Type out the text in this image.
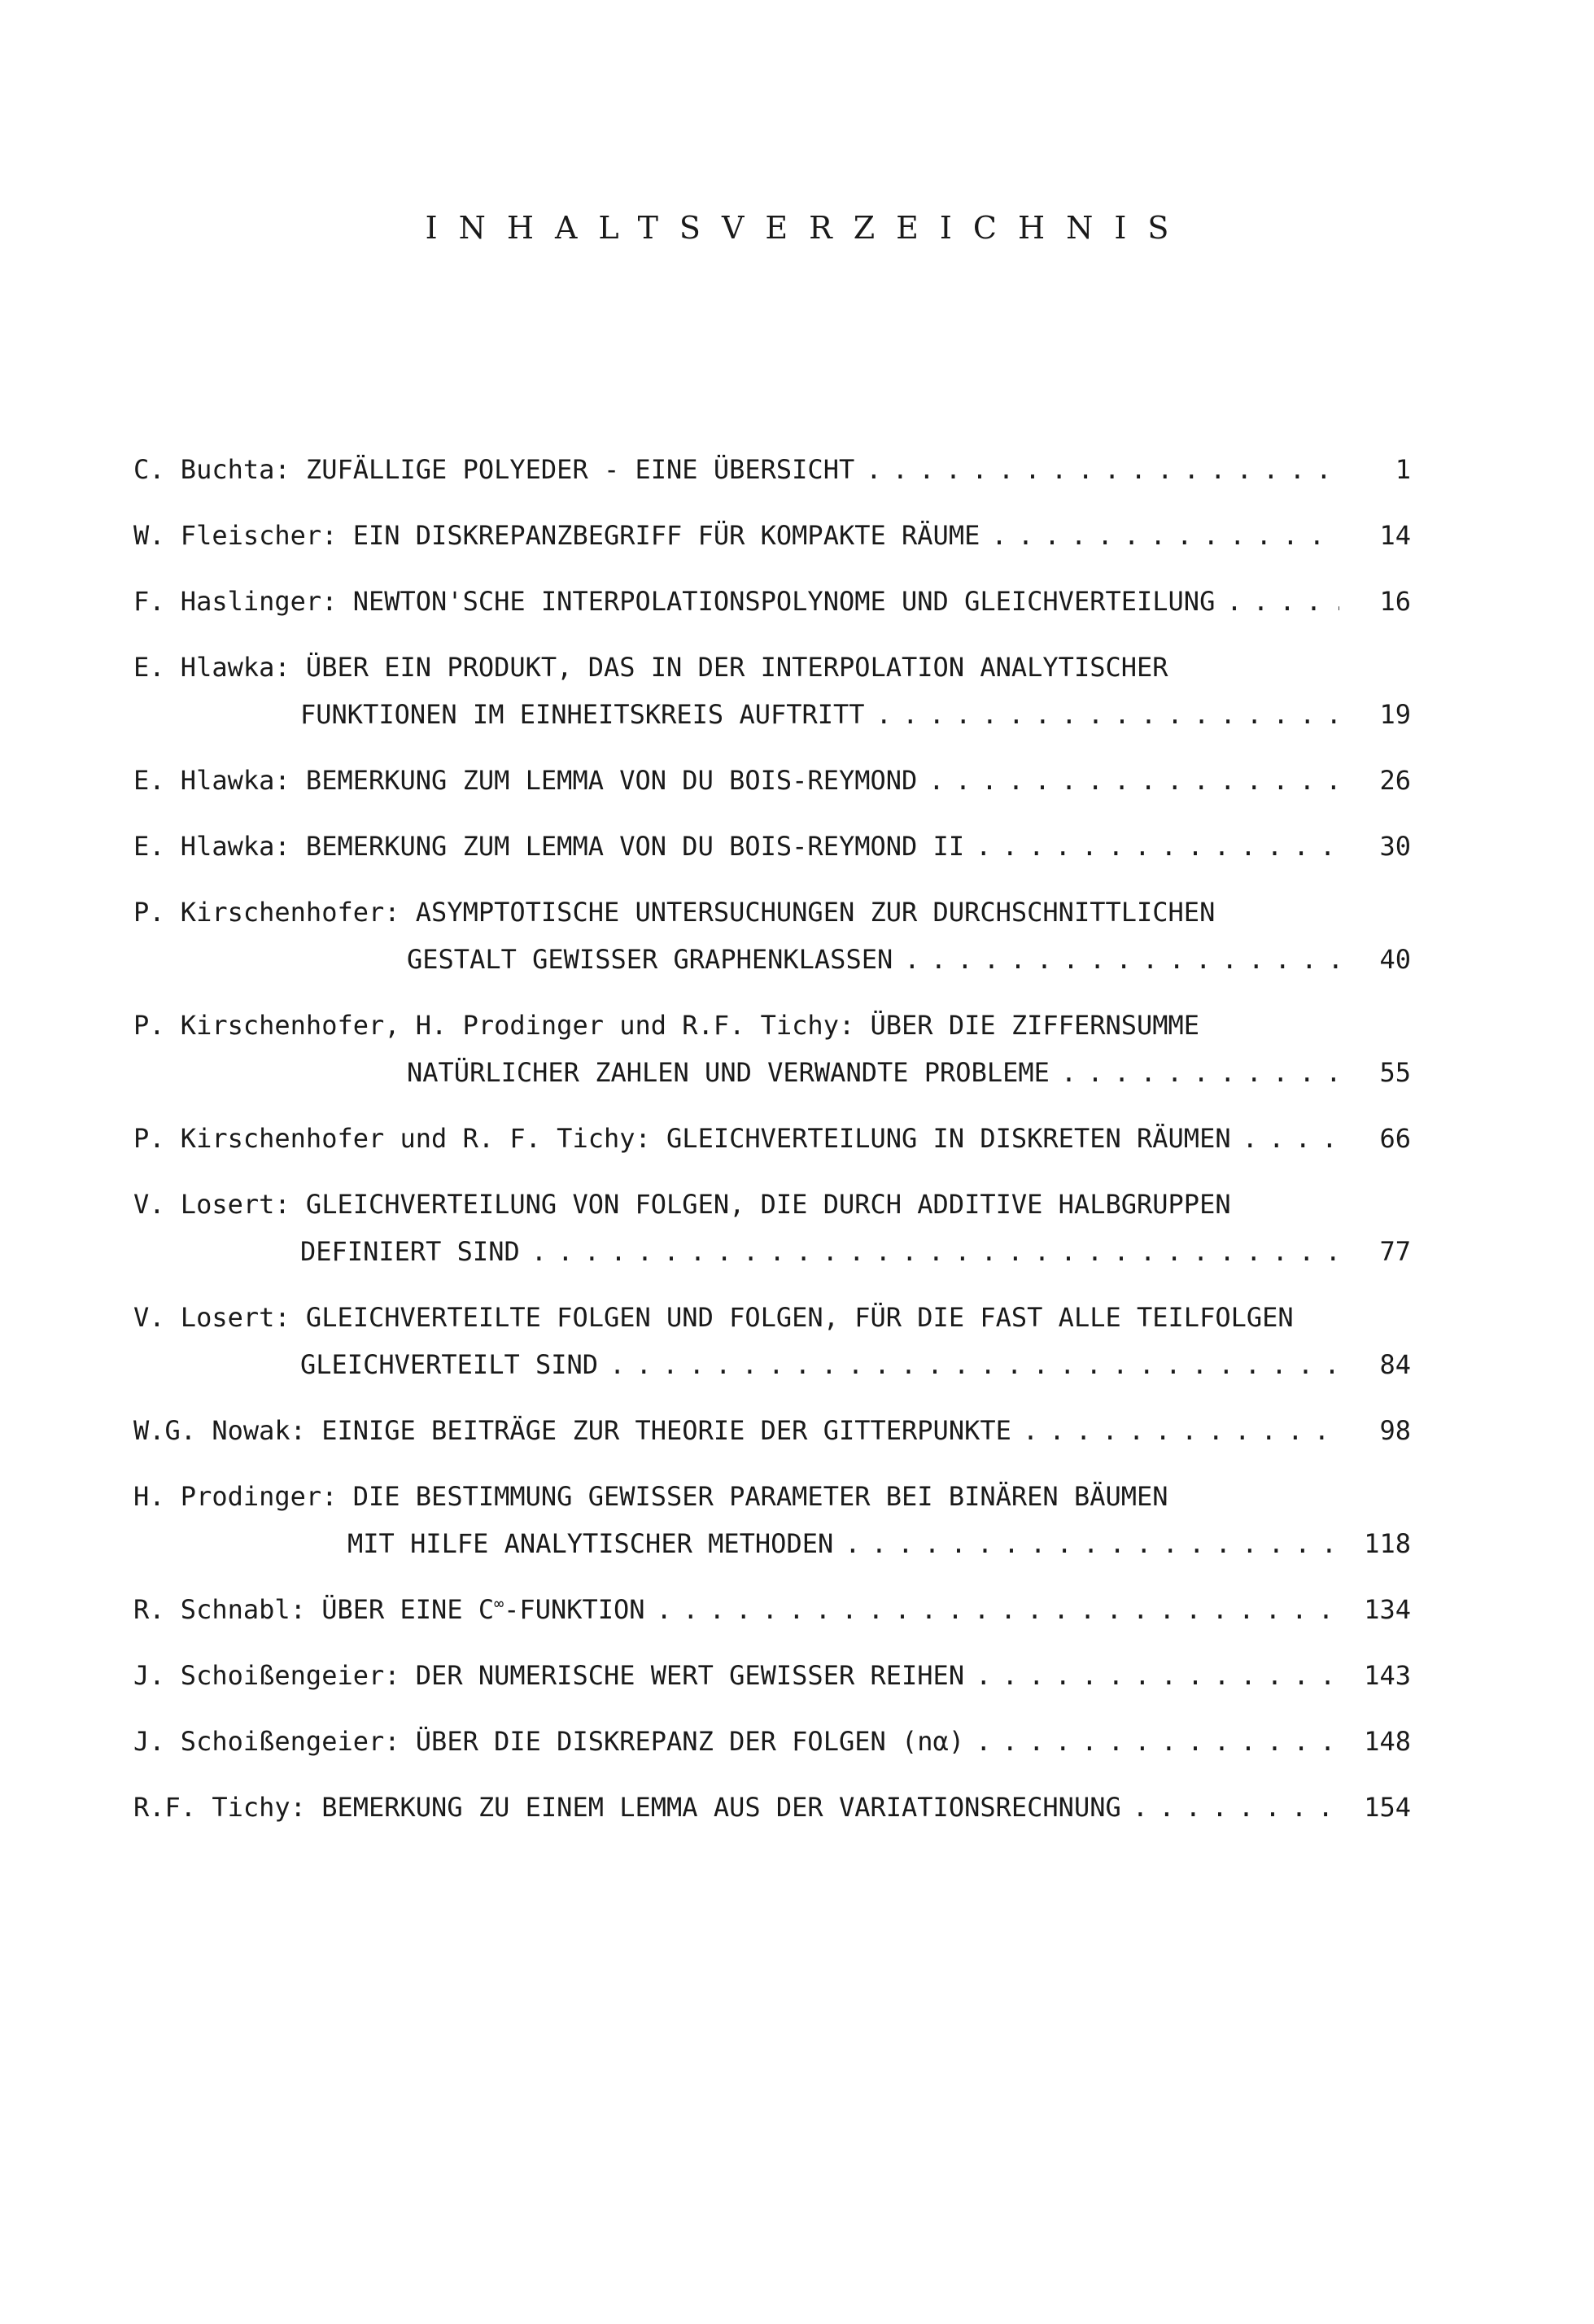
INHALTSVERZEICHNIS
C. Buchta: ZUFÄLLIGE POLYEDER - EINE ÜBERSICHT . . .	1
W. Fleischer: EIN DISKREPANZBEGRIFF FÜR KOMPAKTE RÄUME . . .	14
F. Haslinger: NEWTON'SCHE INTERPOLATIONSPOLYNOME UND GLEICHVERTEILUNG . . .	16
E. Hlawka: ÜBER EIN PRODUKT, DAS IN DER INTERPOLATION ANALYTISCHER
FUNKTIONEN IM EINHEITSKREIS AUFTRITT . . .	19
E. Hlawka: BEMERKUNG ZUM LEMMA VON DU BOIS-REYMOND . . .	26
E. Hlawka: BEMERKUNG ZUM LEMMA VON DU BOIS-REYMOND II . . .	30
P. Kirschenhofer: ASYMPTOTISCHE UNTERSUCHUNGEN ZUR DURCHSCHNITTLICHEN
GESTALT GEWISSER GRAPHENKLASSEN . . .	40
P. Kirschenhofer, H. Prodinger und R.F. Tichy: ÜBER DIE ZIFFERNSUMME
NATÜRLICHER ZAHLEN UND VERWANDTE PROBLEME . . .	55
P. Kirschenhofer und R. F. Tichy: GLEICHVERTEILUNG IN DISKRETEN RÄUMEN . . .	66
V. Losert: GLEICHVERTEILUNG VON FOLGEN, DIE DURCH ADDITIVE HALBGRUPPEN
DEFINIERT SIND . . .	77
V. Losert: GLEICHVERTEILTE FOLGEN UND FOLGEN, FÜR DIE FAST ALLE TEILFOLGEN
GLEICHVERTEILT SIND . . .	84
W.G. Nowak: EINIGE BEITRÄGE ZUR THEORIE DER GITTERPUNKTE . . .	98
H. Prodinger: DIE BESTIMMUNG GEWISSER PARAMETER BEI BINÄREN BÄUMEN
MIT HILFE ANALYTISCHER METHODEN . . .	118
R. Schnabl: ÜBER EINE C∞-FUNKTION . . .	134
J. Schoißengeier: DER NUMERISCHE WERT GEWISSER REIHEN . . .	143
J. Schoißengeier: ÜBER DIE DISKREPANZ DER FOLGEN (nα) . . .	148
R.F. Tichy: BEMERKUNG ZU EINEM LEMMA AUS DER VARIATIONSRECHNUNG . . .	154
